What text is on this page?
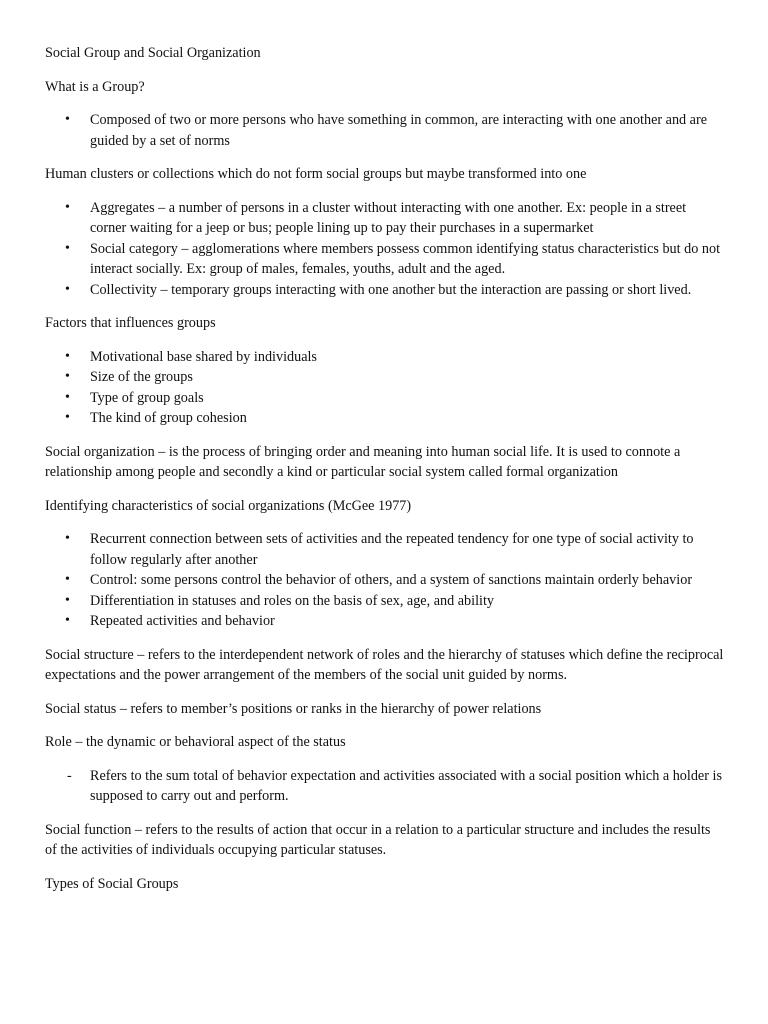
Social Group and Social Organization
What is a Group?
• Composed of two or more persons who have something in common, are interacting with one another and are guided by a set of norms
Human clusters or collections which do not form social groups but maybe transformed into one
• Aggregates – a number of persons in a cluster without interacting with one another. Ex: people in a street corner waiting for a jeep or bus; people lining up to pay their purchases in a supermarket
• Social category – agglomerations where members possess common identifying status characteristics but do not interact socially. Ex: group of males, females, youths, adult and the aged.
• Collectivity – temporary groups interacting with one another but the interaction are passing or short lived.
Factors that influences groups
• Motivational base shared by individuals
• Size of the groups
• Type of group goals
• The kind of group cohesion
Social organization – is the process of bringing order and meaning into human social life. It is used to connote a relationship among people and secondly a kind or particular social system called formal organization
Identifying characteristics of social organizations (McGee 1977)
• Recurrent connection between sets of activities and the repeated tendency for one type of social activity to follow regularly after another
• Control: some persons control the behavior of others, and a system of sanctions maintain orderly behavior
• Differentiation in statuses and roles on the basis of sex, age, and ability
• Repeated activities and behavior
Social structure – refers to the interdependent network of roles and the hierarchy of statuses which define the reciprocal expectations and the power arrangement of the members of the social unit guided by norms.
Social status – refers to member’s positions or ranks in the hierarchy of power relations
Role – the dynamic or behavioral aspect of the status
- Refers to the sum total of behavior expectation and activities associated with a social position which a holder is supposed to carry out and perform.
Social function – refers to the results of action that occur in a relation to a particular structure and includes the results of the activities of individuals occupying particular statuses.
Types of Social Groups
